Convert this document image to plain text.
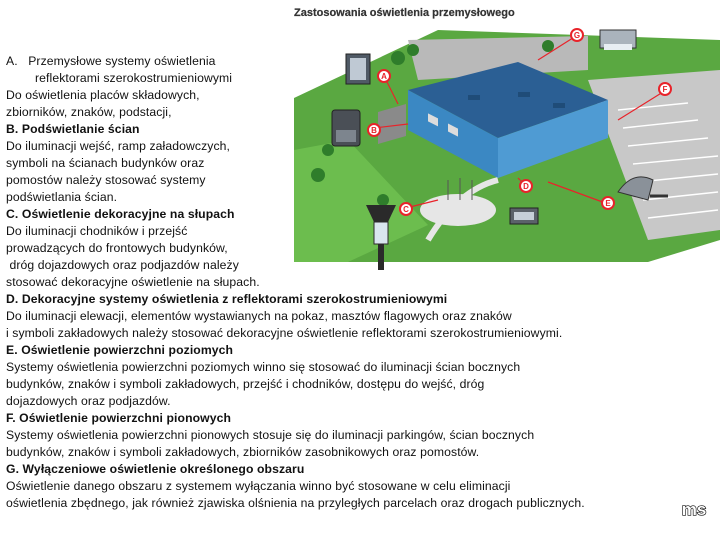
Zastosowania oświetlenia przemysłowego
A
B
C
D
E
F
G
A. Przemysłowe systemy oświetlenia
reflektorami szerokostrumieniowymi
Do oświetlenia placów składowych,
zbiorników, znaków, podstacji,
B. Podświetlanie ścian
Do iluminacji wejść, ramp załadowczych,
symboli na ścianach budynków oraz
pomostów należy stosować systemy
podświetlania ścian.
C. Oświetlenie dekoracyjne na słupach
Do iluminacji chodników i przejść
prowadzących do frontowych budynków,
dróg dojazdowych oraz podjazdów należy
stosować dekoracyjne oświetlenie na słupach.
D. Dekoracyjne systemy oświetlenia z reflektorami szerokostrumieniowymi
Do iluminacji elewacji, elementów wystawianych na pokaz, masztów flagowych oraz znaków
i symboli zakładowych należy stosować dekoracyjne oświetlenie reflektorami szerokostrumieniowymi.
E. Oświetlenie powierzchni poziomych
Systemy oświetlenia powierzchni poziomych winno się stosować do iluminacji ścian bocznych
budynków, znaków i symboli zakładowych, przejść i chodników, dostępu do wejść, dróg
dojazdowych oraz podjazdów.
F. Oświetlenie powierzchni pionowych
Systemy oświetlenia powierzchni pionowych stosuje się do iluminacji parkingów, ścian bocznych
budynków, znaków i symboli zakładowych, zbiorników zasobnikowych oraz pomostów.
G. Wyłączeniowe oświetlenie określonego obszaru
Oświetlenie danego obszaru z systemem wyłączania winno być stosowane w celu eliminacji
oświetlenia zbędnego, jak również zjawiska olśnienia na przyległych parcelach oraz drogach publicznych.	ms
